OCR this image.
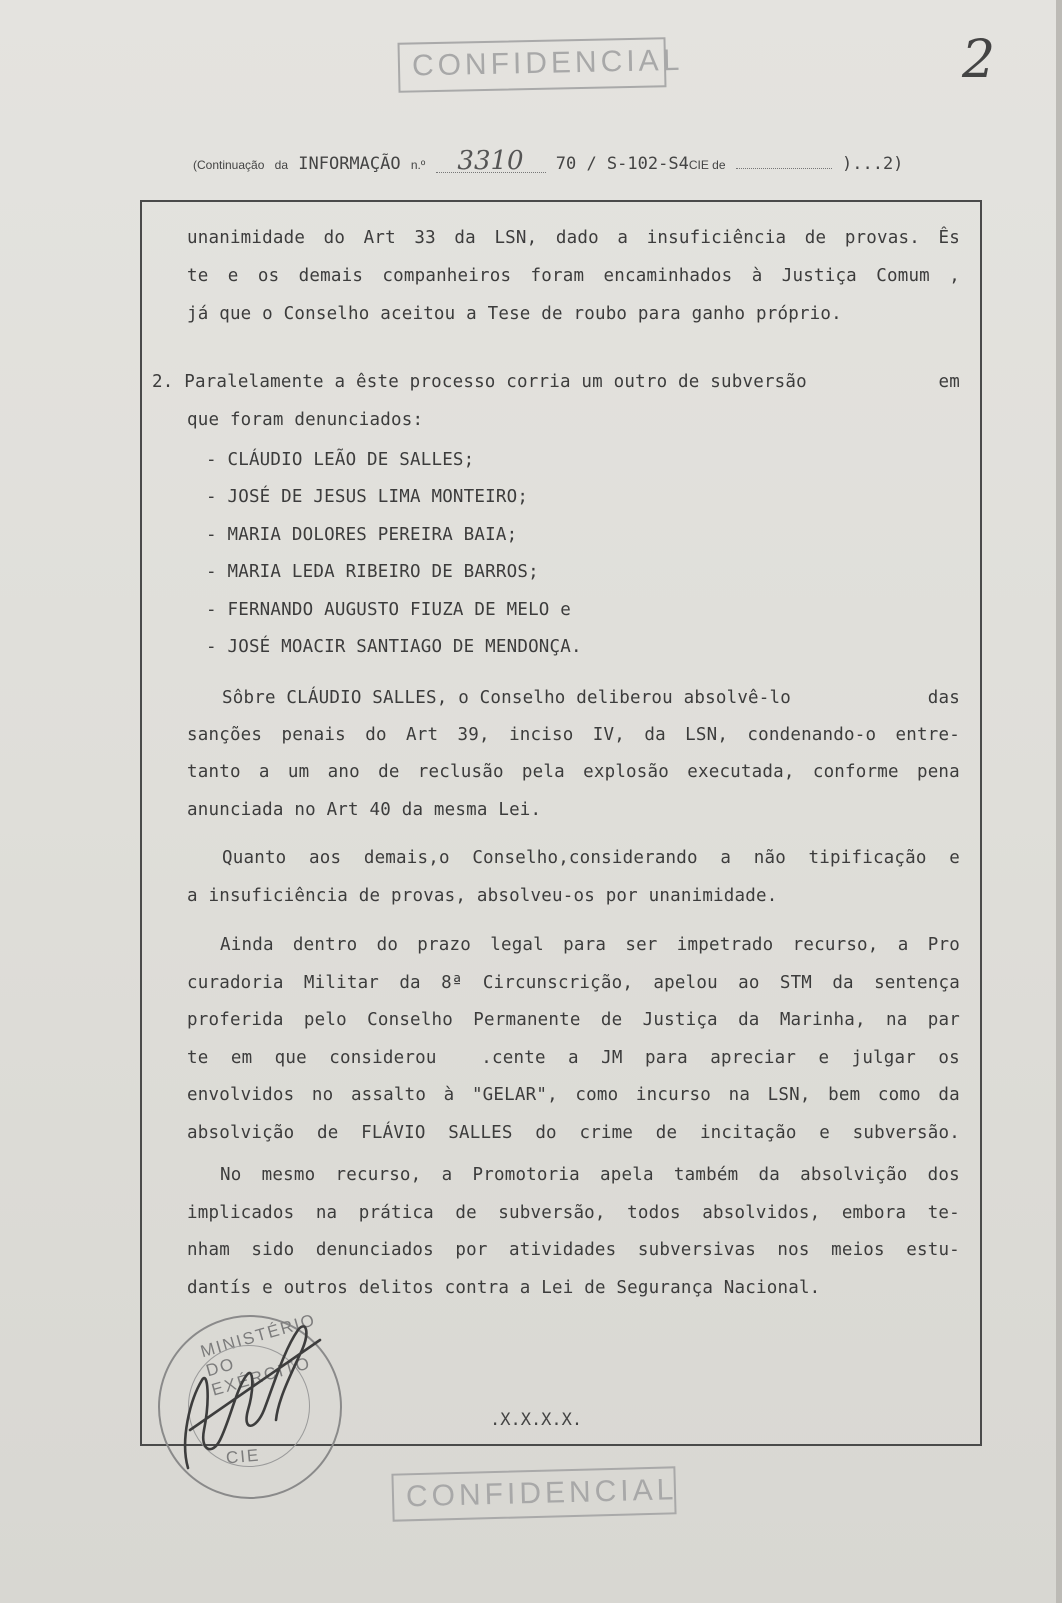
CONFIDENCIAL	2
(Continuação da INFORMAÇÃO n.º 3310 70 / S-102-S4CIE de	)...2)
unanimidade do Art 33 da LSN, dado a insuficiência de provas. Ês
te e os demais companheiros foram encaminhados à Justiça Comum ,
já que o Conselho aceitou a Tese de roubo para ganho próprio.
2. Paralelamente a êste processo corria um outro de subversão	em
que foram denunciados:
- CLÁUDIO LEÃO DE SALLES;
- JOSÉ DE JESUS LIMA MONTEIRO;
- MARIA DOLORES PEREIRA BAIA;
- MARIA LEDA RIBEIRO DE BARROS;
- FERNANDO AUGUSTO FIUZA DE MELO e
- JOSÉ MOACIR SANTIAGO DE MENDONÇA.
Sôbre CLÁUDIO SALLES, o Conselho deliberou absolvê-lo	das
sanções penais do Art 39, inciso IV, da LSN, condenando-o entre-
tanto a um ano de reclusão pela explosão executada, conforme pena
anunciada no Art 40 da mesma Lei.
Quanto aos demais,o Conselho,considerando a não tipificação e
a insuficiência de provas, absolveu-os por unanimidade.
Ainda dentro do prazo legal para ser impetrado recurso, a Pro
curadoria Militar da 8ª Circunscrição, apelou ao STM da sentença
proferida pelo Conselho Permanente de Justiça da Marinha, na par
te em que considerou	.cente a JM para apreciar e julgar os
envolvidos no assalto à "GELAR", como incurso na LSN, bem como da
absolvição de FLÁVIO SALLES do crime de incitação e subversão.
No mesmo recurso, a Promotoria apela também da absolvição dos
implicados na prática de subversão, todos absolvidos, embora te-
nham sido denunciados por atividades subversivas nos meios estu-
dantís e outros delitos contra a Lei de Segurança Nacional.
.X.X.X.X.
MINISTÉRIO DO EXÉRCITO
CIE
CONFIDENCIAL
